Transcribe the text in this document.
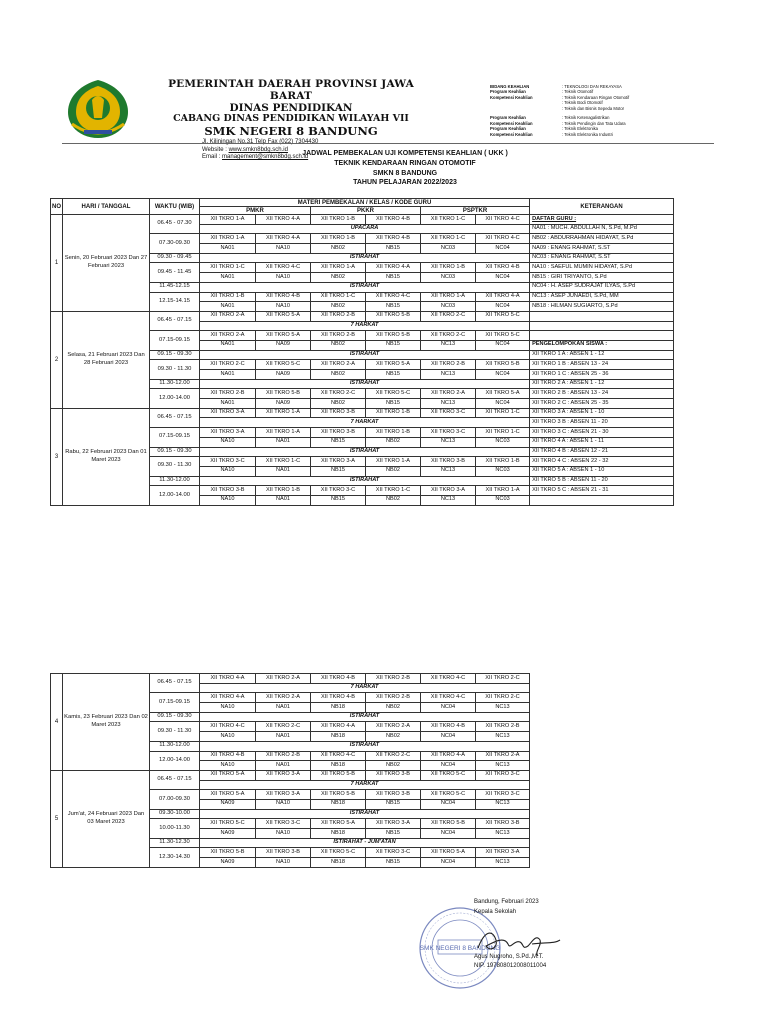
PEMERINTAH DAERAH PROVINSI JAWA BARAT
DINAS PENDIDIKAN
CABANG DINAS PENDIDIKAN WILAYAH VII
SMK NEGERI 8 BANDUNG
Jl. Kiliningan No.31 Telp Fax (022) 7304430
Website : www.smkn8bdg.sch.id
Email : management@smkn8bdg.sch.id
BIDANG KEAHLIAN	: TEKNOLOGI DAN REKAYASA
Program Keahlian	: Teknik Otomotif
Kompetensi Keahlian	: Teknik Kendaraan Ringan Otomotif
: Teknik Bodi Otomotif
: Teknik dan Bisnis Sepeda Motor
Program Keahlian	: Teknik Ketenagalistrikan
Kompetensi Keahlian	: Teknik Pendingin dan Tata Udara
Program Keahlian	: Teknik Elektronika
Kompetensi Keahlian	: Teknik Elektronika Industri
JADWAL PEMBEKALAN UJI KOMPETENSI KEAHLIAN ( UKK )
TEKNIK KENDARAAN RINGAN OTOMOTIF
SMKN 8 BANDUNG
TAHUN PELAJARAN 2022/2023
NO	HARI / TANGGAL	WAKTU (WIB)	MATERI PEMBEKALAN / KELAS / KODE GURU						KETERANGAN
			PMKR		PKKR		PSPTKR		
1	Senin, 20 Februari 2023 Dan 27 Februari 2023	06.45 - 07.30	XII TKRO 1-A	XII TKRO 4-A	XII TKRO 1-B	XII TKRO 4-B	XII TKRO 1-C	XII TKRO 4-C	DAFTAR GURU :
			UPACARA						NA01 : MUCH. ABDULLAH N, S.Pd, M.Pd
		07.30-09.30	XII TKRO 1-A	XII TKRO 4-A	XII TKRO 1-B	XII TKRO 4-B	XII TKRO 1-C	XII TKRO 4-C	NB02 : ABDURRAHMAN HIDAYAT, S.Pd
			NA01	NA10	NB02	NB15	NC03	NC04	NA09 : ENANG RAHMAT, S.ST
		09.30 - 09.45	ISTIRAHAT						NC03 : ENANG RAHMAT, S.ST
		09.45 - 11.45	XII TKRO 1-C	XII TKRO 4-C	XII TKRO 1-A	XII TKRO 4-A	XII TKRO 1-B	XII TKRO 4-B	NA10 : SAEFUL MUMIN HIDAYAT, S.Pd
			NA01	NA10	NB02	NB15	NC03	NC04	NB15 : GIRI TRIYANTO, S.Pd
		11.45-12.15	ISTIRAHAT						NC04 : H. ASEP SUDRAJAT ILYAS, S.Pd
		12.15-14.15	XII TKRO 1-B	XII TKRO 4-B	XII TKRO 1-C	XII TKRO 4-C	XII TKRO 1-A	XII TKRO 4-A	NC13 : ASEP JUNAEDI, S.Pd, MM
			NA01	NA10	NB02	NB15	NC03	NC04	NB18 : HILMAN SUGIARTO, S.Pd
2	Selasa, 21 Februari 2023 Dan 28 Februari 2023	06.45 - 07.15	XII TKRO 2-A	XII TKRO 5-A	XII TKRO 2-B	XII TKRO 5-B	XII TKRO 2-C	XII TKRO 5-C	
			7 HARKAT						
		07.15-09.15	XII TKRO 2-A	XII TKRO 5-A	XII TKRO 2-B	XII TKRO 5-B	XII TKRO 2-C	XII TKRO 5-C	
			NA01	NA09	NB02	NB15	NC13	NC04	PENGELOMPOKAN SISWA :
		09.15 - 09.30	ISTIRAHAT						XII TKRO 1 A : ABSEN 1 - 12
		09.30 - 11.30	XII TKRO 2-C	XII TKRO 5-C	XII TKRO 2-A	XII TKRO 5-A	XII TKRO 2-B	XII TKRO 5-B	XII TKRO 1 B : ABSEN 13 - 24
			NA01	NA09	NB02	NB15	NC13	NC04	XII TKRO 1 C : ABSEN 25 - 36
		11.30-12.00	ISTIRAHAT						XII TKRO 2 A : ABSEN 1 - 12
		12.00-14.00	XII TKRO 2-B	XII TKRO 5-B	XII TKRO 2-C	XII TKRO 5-C	XII TKRO 2-A	XII TKRO 5-A	XII TKRO 2 B : ABSEN 13 - 24
			NA01	NA09	NB02	NB15	NC13	NC04	XII TKRO 2 C : ABSEN 25 - 35
3	Rabu, 22 Februari 2023 Dan 01 Maret 2023	06.45 - 07.15	XII TKRO 3-A	XII TKRO 1-A	XII TKRO 3-B	XII TKRO 1-B	XII TKRO 3-C	XII TKRO 1-C	XII TKRO 3 A : ABSEN 1 - 10
			7 HARKAT						XII TKRO 3 B : ABSEN 11 - 20
		07.15-09.15	XII TKRO 3-A	XII TKRO 1-A	XII TKRO 3-B	XII TKRO 1-B	XII TKRO 3-C	XII TKRO 1-C	XII TKRO 3 C : ABSEN 21 - 30
			NA10	NA01	NB15	NB02	NC13	NC03	XII TKRO 4 A : ABSEN 1 - 11
		09.15 - 09.30	ISTIRAHAT						XII TKRO 4 B : ABSEN 12 - 21
		09.30 - 11.30	XII TKRO 3-C	XII TKRO 1-C	XII TKRO 3-A	XII TKRO 1-A	XII TKRO 3-B	XII TKRO 1-B	XII TKRO 4 C : ABSEN 22 - 32
			NA10	NA01	NB15	NB02	NC13	NC03	XII TKRO 5 A : ABSEN 1 - 10
		11.30-12.00	ISTIRAHAT						XII TKRO 5 B : ABSEN 11 - 20
		12.00-14.00	XII TKRO 3-B	XII TKRO 1-B	XII TKRO 3-C	XII TKRO 1-C	XII TKRO 3-A	XII TKRO 1-A	XII TKRO 5 C : ABSEN 21 - 31
			NA10	NA01	NB15	NB02	NC13	NC03	
4	Kamis, 23 Februari 2023 Dan 02 Maret 2023	06.45 - 07.15	XII TKRO 4-A	XII TKRO 2-A	XII TKRO 4-B	XII TKRO 2-B	XII TKRO 4-C	XII TKRO 2-C
			7 HARKAT					
		07.15-09.15	XII TKRO 4-A	XII TKRO 2-A	XII TKRO 4-B	XII TKRO 2-B	XII TKRO 4-C	XII TKRO 2-C
			NA10	NA01	NB18	NB02	NC04	NC13
		09.15 - 09.30	ISTIRAHAT					
		09.30 - 11.30	XII TKRO 4-C	XII TKRO 2-C	XII TKRO 4-A	XII TKRO 2-A	XII TKRO 4-B	XII TKRO 2-B
			NA10	NA01	NB18	NB02	NC04	NC13
		11.30-12.00	ISTIRAHAT					
		12.00-14.00	XII TKRO 4-B	XII TKRO 2-B	XII TKRO 4-C	XII TKRO 2-C	XII TKRO 4-A	XII TKRO 2-A
			NA10	NA01	NB18	NB02	NC04	NC13
5	Jum'at, 24 Februari 2023 Dan 03 Maret 2023	06.45 - 07.15	XII TKRO 5-A	XII TKRO 3-A	XII TKRO 5-B	XII TKRO 3-B	XII TKRO 5-C	XII TKRO 3-C
			7 HARKAT					
		07.00-09.30	XII TKRO 5-A	XII TKRO 3-A	XII TKRO 5-B	XII TKRO 3-B	XII TKRO 5-C	XII TKRO 3-C
			NA09	NA10	NB18	NB15	NC04	NC13
		09.30-10.00	ISTIRAHAT					
		10.00-11.30	XII TKRO 5-C	XII TKRO 3-C	XII TKRO 5-A	XII TKRO 3-A	XII TKRO 5-B	XII TKRO 3-B
			NA09	NA10	NB18	NB15	NC04	NC13
		11.30-12.30	ISTIRAHAT - JUM'ATAN					
		12.30-14.30	XII TKRO 5-B	XII TKRO 3-B	XII TKRO 5-C	XII TKRO 3-C	XII TKRO 5-A	XII TKRO 3-A
			NA09	NA10	NB18	NB15	NC04	NC13
SMK NEGERI 8 BANDUNG
Bandung, Februari 2023
Kepala Sekolah
Agus Nugroho, S.Pd.,M.T.
NIP. 197808012008011004
